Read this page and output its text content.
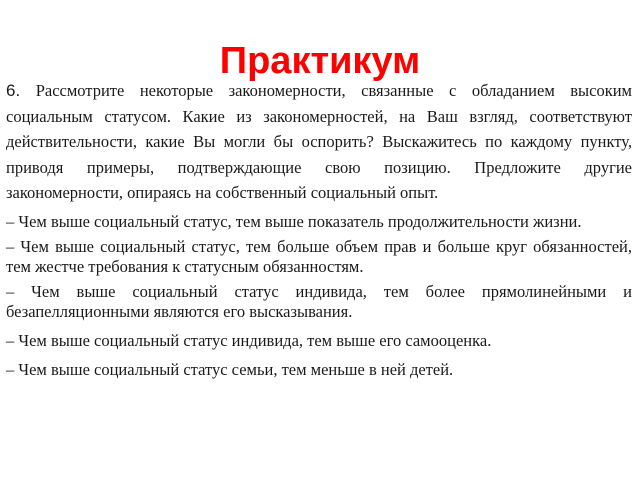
Практикум

6. Рассмотрите некоторые закономерности, связанные с обладанием высоким социальным статусом. Какие из закономерностей, на Ваш взгляд, соответствуют действительности, какие Вы могли бы оспорить? Выскажитесь по каждому пункту, приводя примеры, подтверждающие свою позицию. Предложите другие закономерности, опираясь на собственный социальный опыт.

– Чем выше социальный статус, тем выше показатель продолжительности жизни.
– Чем выше социальный статус, тем больше объем прав и больше круг обязанностей, тем жестче требования к статусным обязанностям.
– Чем выше социальный статус индивида, тем более прямолинейными и безапелляционными являются его высказывания.
– Чем выше социальный статус индивида, тем выше его самооценка.
– Чем выше социальный статус семьи, тем меньше в ней детей.
